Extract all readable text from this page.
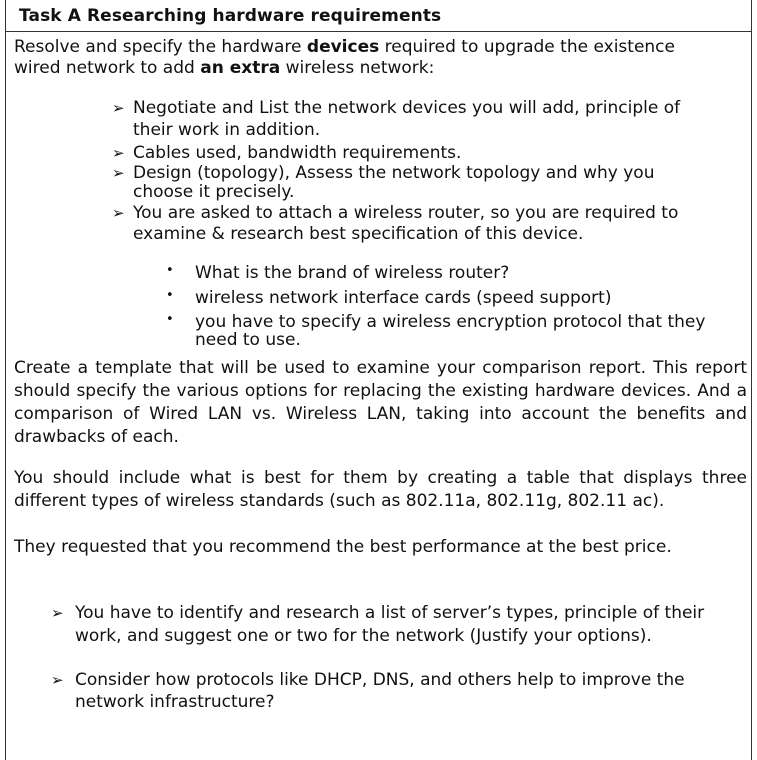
Task A Researching hardware requirements
Resolve and specify the hardware devices required to upgrade the existence
wired network to add an extra wireless network:
➢ Negotiate and List the network devices you will add, principle of
their work in addition.
➢ Cables used, bandwidth requirements.
➢ Design (topology), Assess the network topology and why you
choose it precisely.
➢ You are asked to attach a wireless router, so you are required to
examine & research best specification of this device.
• What is the brand of wireless router?
• wireless network interface cards (speed support)
• you have to specify a wireless encryption protocol that they
need to use.
Create a template that will be used to examine your comparison report. This report should specify the various options for replacing the existing hardware devices. And a comparison of Wired LAN vs. Wireless LAN, taking into account the benefits and drawbacks of each.
You should include what is best for them by creating a table that displays three different types of wireless standards (such as 802.11a, 802.11g, 802.11 ac).
They requested that you recommend the best performance at the best price.
➢ You have to identify and research a list of server’s types, principle of their
work, and suggest one or two for the network (Justify your options).
➢ Consider how protocols like DHCP, DNS, and others help to improve the
network infrastructure?
